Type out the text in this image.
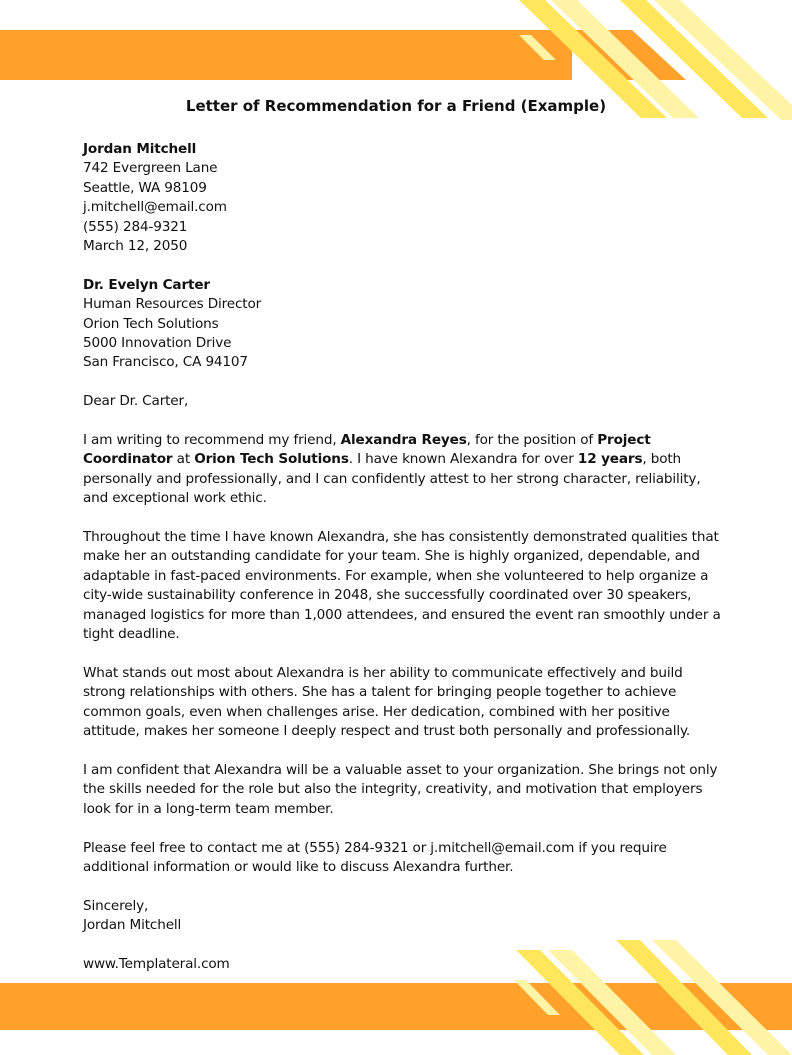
Letter of Recommendation for a Friend (Example)

Jordan Mitchell

742 Evergreen Lane

Seattle, WA 98109

j.mitchell@email.com

(555) 284-9321

March 12, 2050

Dr. Evelyn Carter

Human Resources Director

Orion Tech Solutions

5000 Innovation Drive

San Francisco, CA 94107

Dear Dr. Carter,

I am writing to recommend my friend, Alexandra Reyes, for the position of Project Coordinator at Orion Tech Solutions. I have known Alexandra for over 12 years, both personally and professionally, and I can confidently attest to her strong character, reliability, and exceptional work ethic.

Throughout the time I have known Alexandra, she has consistently demonstrated qualities that make her an outstanding candidate for your team. She is highly organized, dependable, and adaptable in fast-paced environments. For example, when she volunteered to help organize a city-wide sustainability conference in 2048, she successfully coordinated over 30 speakers, managed logistics for more than 1,000 attendees, and ensured the event ran smoothly under a tight deadline.

What stands out most about Alexandra is her ability to communicate effectively and build strong relationships with others. She has a talent for bringing people together to achieve common goals, even when challenges arise. Her dedication, combined with her positive attitude, makes her someone I deeply respect and trust both personally and professionally.

I am confident that Alexandra will be a valuable asset to your organization. She brings not only the skills needed for the role but also the integrity, creativity, and motivation that employers look for in a long-term team member.

Please feel free to contact me at (555) 284-9321 or j.mitchell@email.com if you require additional information or would like to discuss Alexandra further.

Sincerely,

Jordan Mitchell

www.Templateral.com
